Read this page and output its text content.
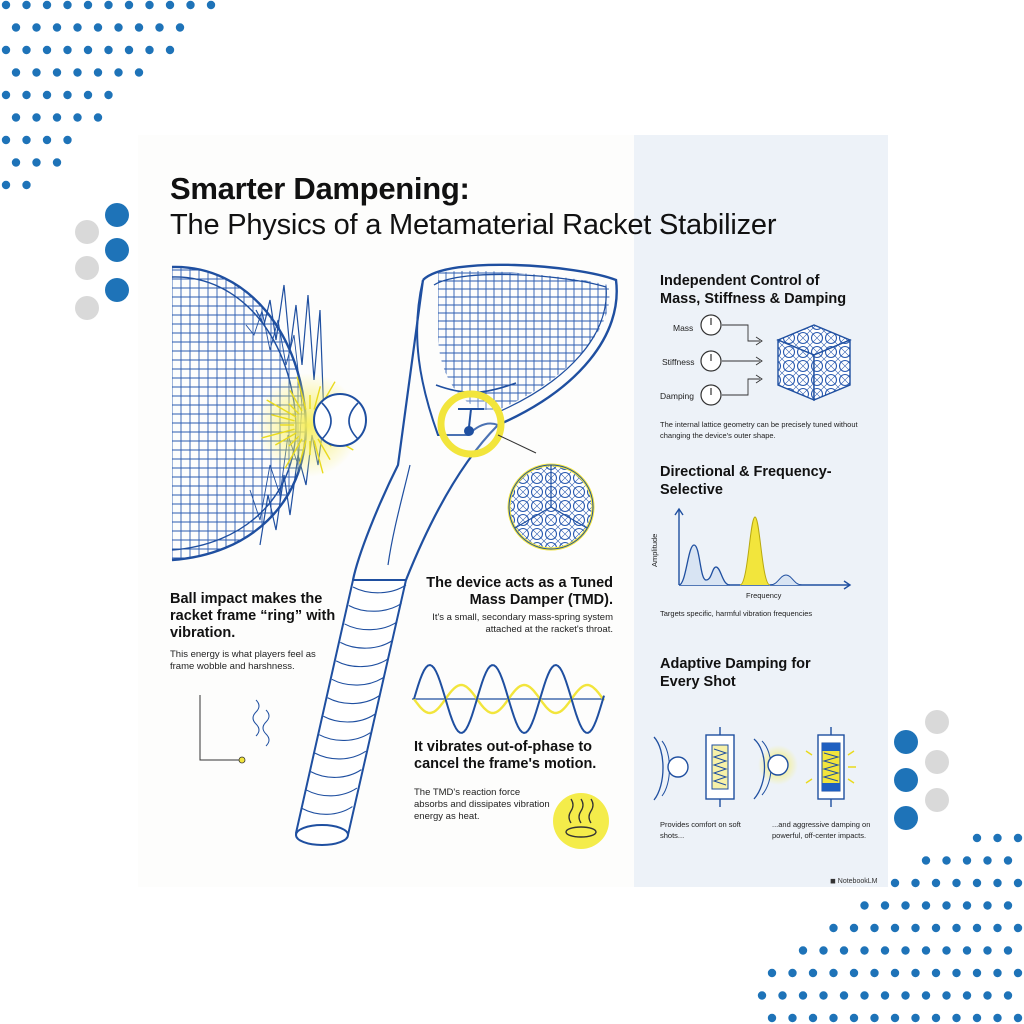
Smarter Dampening:
The Physics of a Metamaterial Racket Stabilizer
Ball impact makes the racket frame “ring” with vibration.
This energy is what players feel as frame wobble and harshness.
The device acts as a Tuned Mass Damper (TMD).
It's a small, secondary mass-spring system attached at the racket's throat.
It vibrates out-of-phase to cancel the frame's motion.
The TMD's reaction force absorbs and dissipates vibration energy as heat.
Independent Control of Mass, Stiffness & Damping
Mass
Stiffness
Damping
The internal lattice geometry can be precisely tuned without changing the device's outer shape.
Directional & Frequency-Selective
Amplitude
Frequency
Targets specific, harmful vibration frequencies
Adaptive Damping for Every Shot
Provides comfort on soft shots...
...and aggressive damping on powerful, off-center impacts.
◼ NotebookLM
